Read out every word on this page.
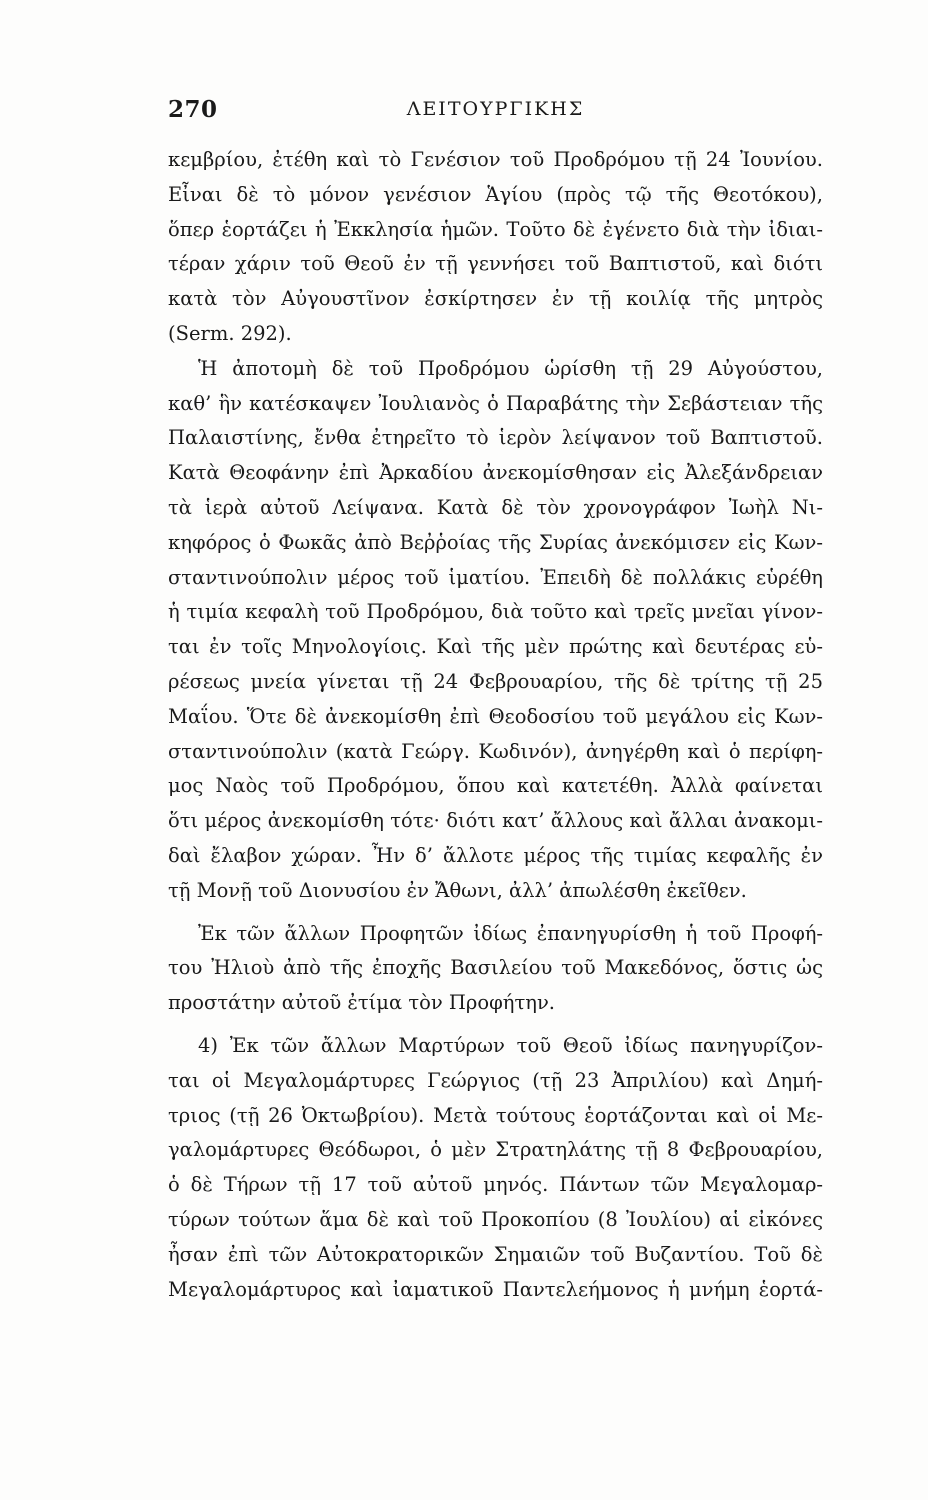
270	ΛΕΙΤΟΥΡΓΙΚΗΣ
κεμβρίου, ἐτέθη καὶ τὸ Γενέσιον τοῦ Προδρόμου τῇ 24 Ἰουνίου.
Εἶναι δὲ τὸ μόνον γενέσιον Ἁγίου (πρὸς τῷ τῆς Θεοτόκου),
ὅπερ ἑορτάζει ἡ Ἐκκλησία ἡμῶν. Τοῦτο δὲ ἐγένετο διὰ τὴν ἰδιαι-
τέραν χάριν τοῦ Θεοῦ ἐν τῇ γεννήσει τοῦ Βαπτιστοῦ, καὶ διότι
κατὰ τὸν Αὐγουστῖνον ἐσκίρτησεν ἐν τῇ κοιλίᾳ τῆς μητρὸς
(Serm. 292).
Ἡ ἀποτομὴ δὲ τοῦ Προδρόμου ὡρίσθη τῇ 29 Αὐγούστου,
καθ’ ἣν κατέσκαψεν Ἰουλιανὸς ὁ Παραβάτης τὴν Σεβάστειαν τῆς
Παλαιστίνης, ἔνθα ἐτηρεῖτο τὸ ἱερὸν λείψανον τοῦ Βαπτιστοῦ.
Κατὰ Θεοφάνην ἐπὶ Ἀρκαδίου ἀνεκομίσθησαν εἰς Ἀλεξάνδρειαν
τὰ ἱερὰ αὐτοῦ Λείψανα. Κατὰ δὲ τὸν χρονογράφον Ἰωὴλ Νι-
κηφόρος ὁ Φωκᾶς ἀπὸ Βεῤῥοίας τῆς Συρίας ἀνεκόμισεν εἰς Κων-
σταντινούπολιν μέρος τοῦ ἱματίου. Ἐπειδὴ δὲ πολλάκις εὑρέθη
ἡ τιμία κεφαλὴ τοῦ Προδρόμου, διὰ τοῦτο καὶ τρεῖς μνεῖαι γίνον-
ται ἐν τοῖς Μηνολογίοις. Καὶ τῆς μὲν πρώτης καὶ δευτέρας εὑ-
ρέσεως μνεία γίνεται τῇ 24 Φεβρουαρίου, τῆς δὲ τρίτης τῇ 25
Μαΐου. Ὅτε δὲ ἀνεκομίσθη ἐπὶ Θεοδοσίου τοῦ μεγάλου εἰς Κων-
σταντινούπολιν (κατὰ Γεώργ. Κωδινόν), ἀνηγέρθη καὶ ὁ περίφη-
μος Ναὸς τοῦ Προδρόμου, ὅπου καὶ κατετέθη. Ἀλλὰ φαίνεται
ὅτι μέρος ἀνεκομίσθη τότε· διότι κατ’ ἄλλους καὶ ἄλλαι ἀνακομι-
δαὶ ἔλαβον χώραν. Ἦν δ’ ἄλλοτε μέρος τῆς τιμίας κεφαλῆς ἐν
τῇ Μονῇ τοῦ Διονυσίου ἐν Ἄθωνι, ἀλλ’ ἀπωλέσθη ἐκεῖθεν.
Ἐκ τῶν ἄλλων Προφητῶν ἰδίως ἐπανηγυρίσθη ἡ τοῦ Προφή-
του Ἠλιοὺ ἀπὸ τῆς ἐποχῆς Βασιλείου τοῦ Μακεδόνος, ὅστις ὡς
προστάτην αὐτοῦ ἐτίμα τὸν Προφήτην.
4) Ἐκ τῶν ἄλλων Μαρτύρων τοῦ Θεοῦ ἰδίως πανηγυρίζον-
ται οἱ Μεγαλομάρτυρες Γεώργιος (τῇ 23 Ἀπριλίου) καὶ Δημή-
τριος (τῇ 26 Ὀκτωβρίου). Μετὰ τούτους ἑορτάζονται καὶ οἱ Με-
γαλομάρτυρες Θεόδωροι, ὁ μὲν Στρατηλάτης τῇ 8 Φεβρουαρίου,
ὁ δὲ Τήρων τῇ 17 τοῦ αὐτοῦ μηνός. Πάντων τῶν Μεγαλομαρ-
τύρων τούτων ἅμα δὲ καὶ τοῦ Προκοπίου (8 Ἰουλίου) αἱ εἰκόνες
ἦσαν ἐπὶ τῶν Αὐτοκρατορικῶν Σημαιῶν τοῦ Βυζαντίου. Τοῦ δὲ
Μεγαλομάρτυρος καὶ ἰαματικοῦ Παντελεήμονος ἡ μνήμη ἑορτά-
